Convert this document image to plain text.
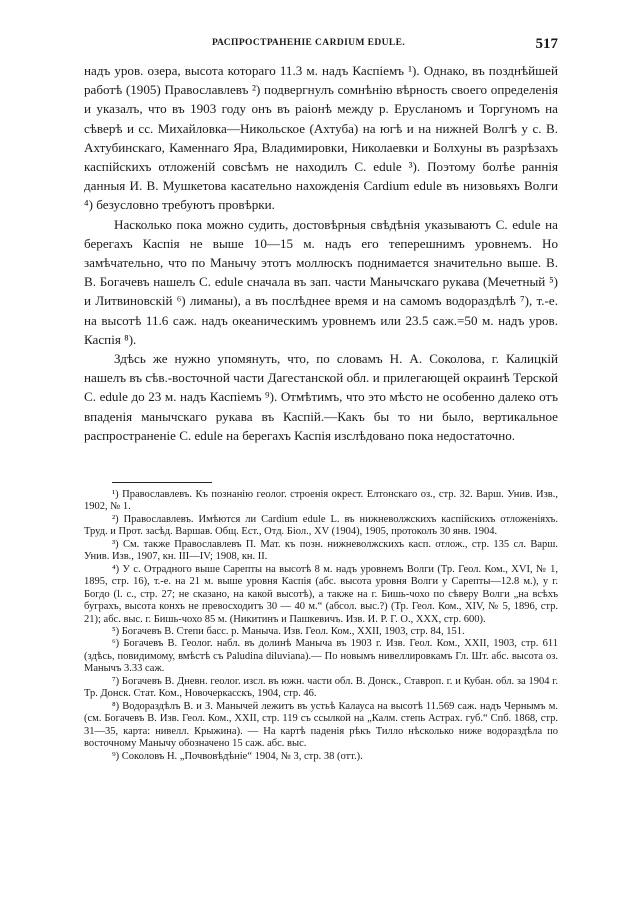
РАСПРОСТРАНЕНІЕ CARDIUM EDULE.	517

надъ уров. озера, высота котораго 11.3 м. надъ Каспіемъ ¹). Однако, въ позднѣйшей работѣ (1905) Православлевъ ²) подвергнулъ сомнѣнію вѣрность своего определенія и указалъ, что въ 1903 году онъ въ раіонѣ между р. Ерусланомъ и Торгуномъ на сѣверѣ и сс. Михайловка—Никольское (Ахтуба) на югѣ и на нижней Волгѣ у с. В. Ахтубинскаго, Каменнаго Яра, Владимировки, Николаевки и Болхуны въ разрѣзахъ каспійскихъ отложеній совсѣмъ не находилъ C. edule ³). Поэтому болѣе раннія данныя И. В. Мушкетова касательно нахожденія Cardium edule въ низовьяхъ Волги ⁴) безусловно требуютъ провѣрки.

Насколько пока можно судить, достовѣрныя свѣдѣнія указываютъ C. edule на берегахъ Каспія не выше 10—15 м. надъ его теперешнимъ уровнемъ. Но замѣчательно, что по Манычу этотъ моллюскъ поднимается значительно выше. В. В. Богачевъ нашелъ C. edule сначала въ зап. части Манычскаго рукава (Мечетный ⁵) и Литвиновскій ⁶) лиманы), а въ послѣднее время и на самомъ водораздѣлѣ ⁷), т.-е. на высотѣ 11.6 саж. надъ океаническимъ уровнемъ или 23.5 саж.=50 м. надъ уров. Каспія ⁸).

Здѣсь же нужно упомянуть, что, по словамъ Н. А. Соколова, г. Калицкій нашелъ въ сѣв.-восточной части Дагестанской обл. и прилегающей окраинѣ Терской C. edule до 23 м. надъ Каспіемъ ⁹). Отмѣтимъ, что это мѣсто не особенно далеко отъ впаденія манычскаго рукава въ Каспій.—Какъ бы то ни было, вертикальное распространеніе C. edule на берегахъ Каспія изслѣдовано пока недостаточно.

¹) Православлевъ. Къ познанію геолог. строенія окрест. Елтонскаго оз., стр. 32. Варш. Унив. Изв., 1902, № 1.

²) Православлевъ. Имѣются ли Cardium edule L. въ нижневолжскихъ каспійскихъ отложеніяхъ. Труд. и Прот. засѣд. Варшав. Общ. Ест., Отд. Біол., XV (1904), 1905, протоколъ 30 янв. 1904.

³) См. также Православлевъ П. Мат. къ позн. нижневолжскихъ касп. отлож., стр. 135 сл. Варш. Унив. Изв., 1907, кн. III—IV; 1908, кн. II.

⁴) У с. Отрадного выше Сарепты на высотѣ 8 м. надъ уровнемъ Волги (Тр. Геол. Ком., XVI, № 1, 1895, стр. 16), т.-е. на 21 м. выше уровня Каспія (абс. высота уровня Волги у Сарепты—12.8 м.), у г. Богдо (l. c., стр. 27; не сказано, на какой высотѣ), а также на г. Бишь-чохо по сѣверу Волги „на всѣхъ буграхъ, высота конхъ не превосходитъ 30 — 40 м.“ (абсол. выс.?) (Тр. Геол. Ком., XIV, № 5, 1896, стр. 21); абс. выс. г. Бишь-чохо 85 м. (Никитинъ и Пашкевичъ. Изв. И. Р. Г. О., XXX, стр. 600).

⁵) Богачевъ В. Степи басс. р. Маныча. Изв. Геол. Ком., XXII, 1903, стр. 84, 151.

⁶) Богачевъ В. Геолог. набл. въ долинѣ Маныча въ 1903 г. Изв. Геол. Ком., XXII, 1903, стр. 611 (здѣсь, повидимому, вмѣстѣ съ Paludina diluviana).— По новымъ нивеллировкамъ Гл. Шт. абс. высота оз. Манычъ 3.33 саж.

⁷) Богачевъ В. Дневн. геолог. изсл. въ южн. части обл. В. Донск., Ставроп. г. и Кубан. обл. за 1904 г. Тр. Донск. Стат. Ком., Новочеркасскъ, 1904, стр. 46.

⁸) Водораздѣлъ В. и З. Манычей лежитъ въ устьѣ Калауса на высотѣ 11.569 саж. надъ Чернымъ м. (см. Богачевъ В. Изв. Геол. Ком., XXII, стр. 119 съ ссылкой на „Калм. степь Астрах. губ.“ Спб. 1868, стр. 31—35, карта: нивелл. Крыжина). — На картѣ паденія рѣкъ Тилло нѣсколько ниже водораздѣла по восточному Манычу обозначено 15 саж. абс. выс.

⁹) Соколовъ Н. „Почвовѣдѣніе“ 1904, № 3, стр. 38 (отт.).
